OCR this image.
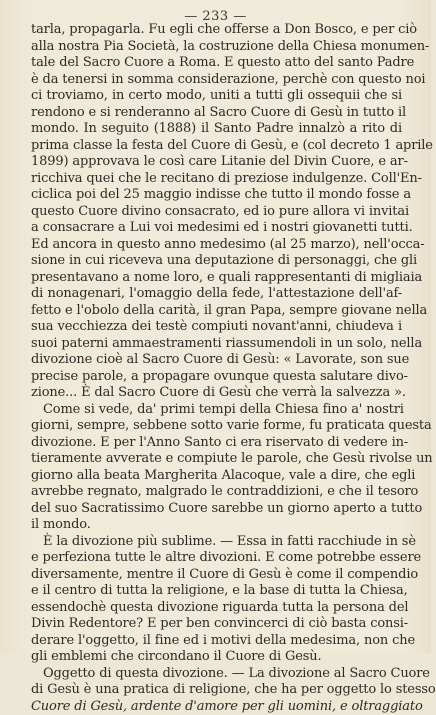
— 233 —
tarla, propagarla. Fu egli che offerse a Don Bosco, e per ciò
alla nostra Pia Società, la costruzione della Chiesa monumen-
tale del Sacro Cuore a Roma. E questo atto del santo Padre
è da tenersi in somma considerazione, perchè con questo noi
ci troviamo, in certo modo, uniti a tutti gli ossequii che si
rendono e si renderanno al Sacro Cuore di Gesù in tutto il
mondo. In seguito (1888) il Santo Padre innalzò a rito di
prima classe la festa del Cuore di Gesù, e (col decreto 1 aprile
1899) approvava le così care Litanie del Divin Cuore, e ar-
ricchiva quei che le recitano di preziose indulgenze. Coll'En-
ciclica poi del 25 maggio indisse che tutto il mondo fosse a
questo Cuore divino consacrato, ed io pure allora vi invitai
a consacrare a Lui voi medesimi ed i nostri giovanetti tutti.
Ed ancora in questo anno medesimo (al 25 marzo), nell'occa-
sione in cui riceveva una deputazione di personaggi, che gli
presentavano a nome loro, e quali rappresentanti di migliaia
di nonagenari, l'omaggio della fede, l'attestazione dell'af-
fetto e l'obolo della carità, il gran Papa, sempre giovane nella
sua vecchiezza dei testè compiuti novant'anni, chiudeva i
suoi paterni ammaestramenti riassumendoli in un solo, nella
divozione cioè al Sacro Cuore di Gesù: « Lavorate, son sue
precise parole, a propagare ovunque questa salutare divo-
zione... È dal Sacro Cuore di Gesù che verrà la salvezza ».
Come si vede, da' primi tempi della Chiesa fino a' nostri
giorni, sempre, sebbene sotto varie forme, fu praticata questa
divozione. E per l'Anno Santo ci era riservato di vedere in-
tieramente avverate e compiute le parole, che Gesù rivolse un
giorno alla beata Margherita Alacoque, vale a dire, che egli
avrebbe regnato, malgrado le contraddizioni, e che il tesoro
del suo Sacratissimo Cuore sarebbe un giorno aperto a tutto
il mondo.
È la divozione più sublime. — Essa in fatti racchiude in sè
e perfeziona tutte le altre divozioni. E come potrebbe essere
diversamente, mentre il Cuore di Gesù è come il compendio
e il centro di tutta la religione, e la base di tutta la Chiesa,
essendochè questa divozione riguarda tutta la persona del
Divin Redentore? E per ben convincerci di ciò basta consi-
derare l'oggetto, il fine ed i motivi della medesima, non che
gli emblemi che circondano il Cuore di Gesù.
Oggetto di questa divozione. — La divozione al Sacro Cuore
di Gesù è una pratica di religione, che ha per oggetto lo stesso
Cuore di Gesù, ardente d'amore per gli uomini, e oltraggiato
